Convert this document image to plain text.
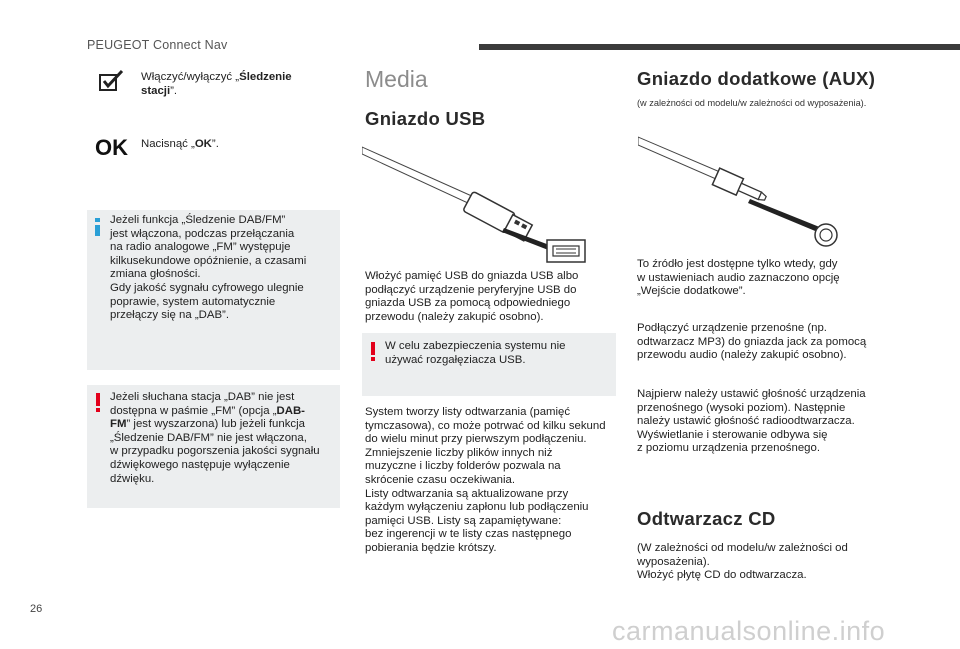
PEUGEOT Connect Nav
Włączyć/wyłączyć „Śledzenie stacji”.
OK Nacisnąć „OK”.
Jeżeli funkcja „Śledzenie DAB/FM”
jest włączona, podczas przełączania
na radio analogowe „FM” występuje
kilkusekundowe opóźnienie, a czasami
zmiana głośności.
Gdy jakość sygnału cyfrowego ulegnie
poprawie, system automatycznie
przełączy się na „DAB”.
Jeżeli słuchana stacja „DAB” nie jest
dostępna w paśmie „FM” (opcja „DAB-
FM” jest wyszarzona) lub jeżeli funkcja
„Śledzenie DAB/FM” nie jest włączona,
w przypadku pogorszenia jakości sygnału
dźwiękowego następuje wyłączenie
dźwięku.
Media
Gniazdo USB
Włożyć pamięć USB do gniazda USB albo
podłączyć urządzenie peryferyjne USB do
gniazda USB za pomocą odpowiedniego
przewodu (należy zakupić osobno).
W celu zabezpieczenia systemu nie
używać rozgałęziacza USB.
System tworzy listy odtwarzania (pamięć
tymczasowa), co może potrwać od kilku sekund
do wielu minut przy pierwszym podłączeniu.
Zmniejszenie liczby plików innych niż
muzyczne i liczby folderów pozwala na
skrócenie czasu oczekiwania.
Listy odtwarzania są aktualizowane przy
każdym wyłączeniu zapłonu lub podłączeniu
pamięci USB. Listy są zapamiętywane:
bez ingerencji w te listy czas następnego
pobierania będzie krótszy.
Gniazdo dodatkowe (AUX)
(w zależności od modelu/w zależności od wyposażenia).
To źródło jest dostępne tylko wtedy, gdy
w ustawieniach audio zaznaczono opcję
„Wejście dodatkowe”.
Podłączyć urządzenie przenośne (np.
odtwarzacz MP3) do gniazda jack za pomocą
przewodu audio (należy zakupić osobno).
Najpierw należy ustawić głośność urządzenia
przenośnego (wysoki poziom). Następnie
należy ustawić głośność radioodtwarzacza.
Wyświetlanie i sterowanie odbywa się
z poziomu urządzenia przenośnego.
Odtwarzacz CD
(W zależności od modelu/w zależności od
wyposażenia).
Włożyć płytę CD do odtwarzacza.
26
carmanualsonline.info
